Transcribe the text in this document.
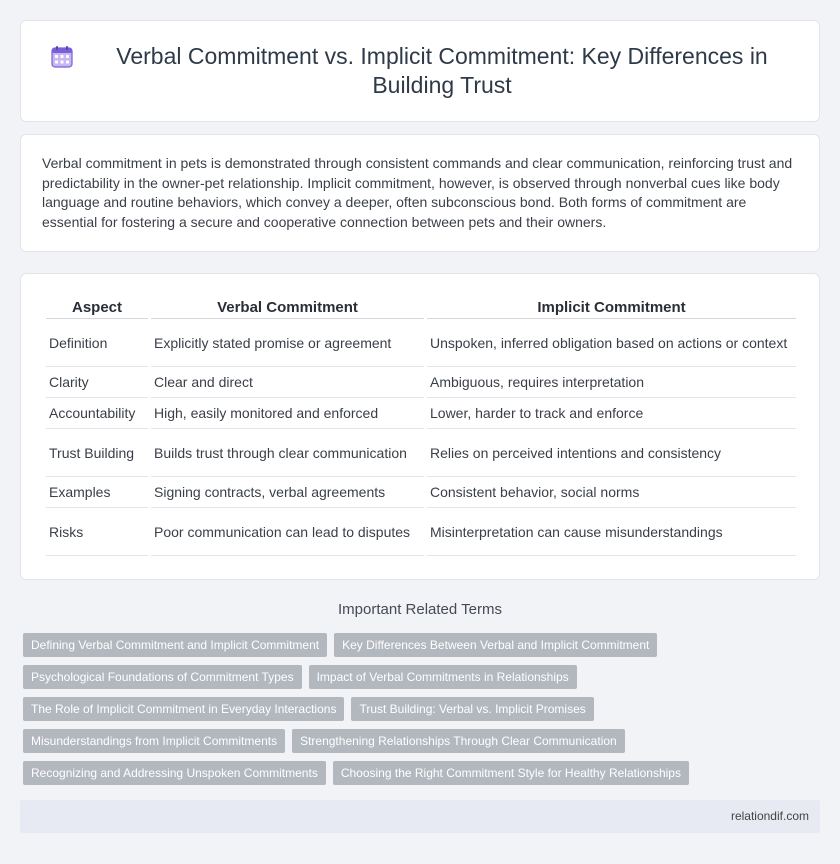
Verbal Commitment vs. Implicit Commitment: Key Differences in Building Trust

Verbal commitment in pets is demonstrated through consistent commands and clear communication, reinforcing trust and predictability in the owner-pet relationship. Implicit commitment, however, is observed through nonverbal cues like body language and routine behaviors, which convey a deeper, often subconscious bond. Both forms of commitment are essential for fostering a secure and cooperative connection between pets and their owners.

Aspect	Verbal Commitment	Implicit Commitment
Definition	Explicitly stated promise or agreement	Unspoken, inferred obligation based on actions or context
Clarity	Clear and direct	Ambiguous, requires interpretation
Accountability	High, easily monitored and enforced	Lower, harder to track and enforce
Trust Building	Builds trust through clear communication	Relies on perceived intentions and consistency
Examples	Signing contracts, verbal agreements	Consistent behavior, social norms
Risks	Poor communication can lead to disputes	Misinterpretation can cause misunderstandings
Important Related Terms
Defining Verbal Commitment and Implicit Commitment	Key Differences Between Verbal and Implicit Commitment
Psychological Foundations of Commitment Types	Impact of Verbal Commitments in Relationships
The Role of Implicit Commitment in Everyday Interactions	Trust Building: Verbal vs. Implicit Promises
Misunderstandings from Implicit Commitments	Strengthening Relationships Through Clear Communication
Recognizing and Addressing Unspoken Commitments	Choosing the Right Commitment Style for Healthy Relationships
relationdif.com
